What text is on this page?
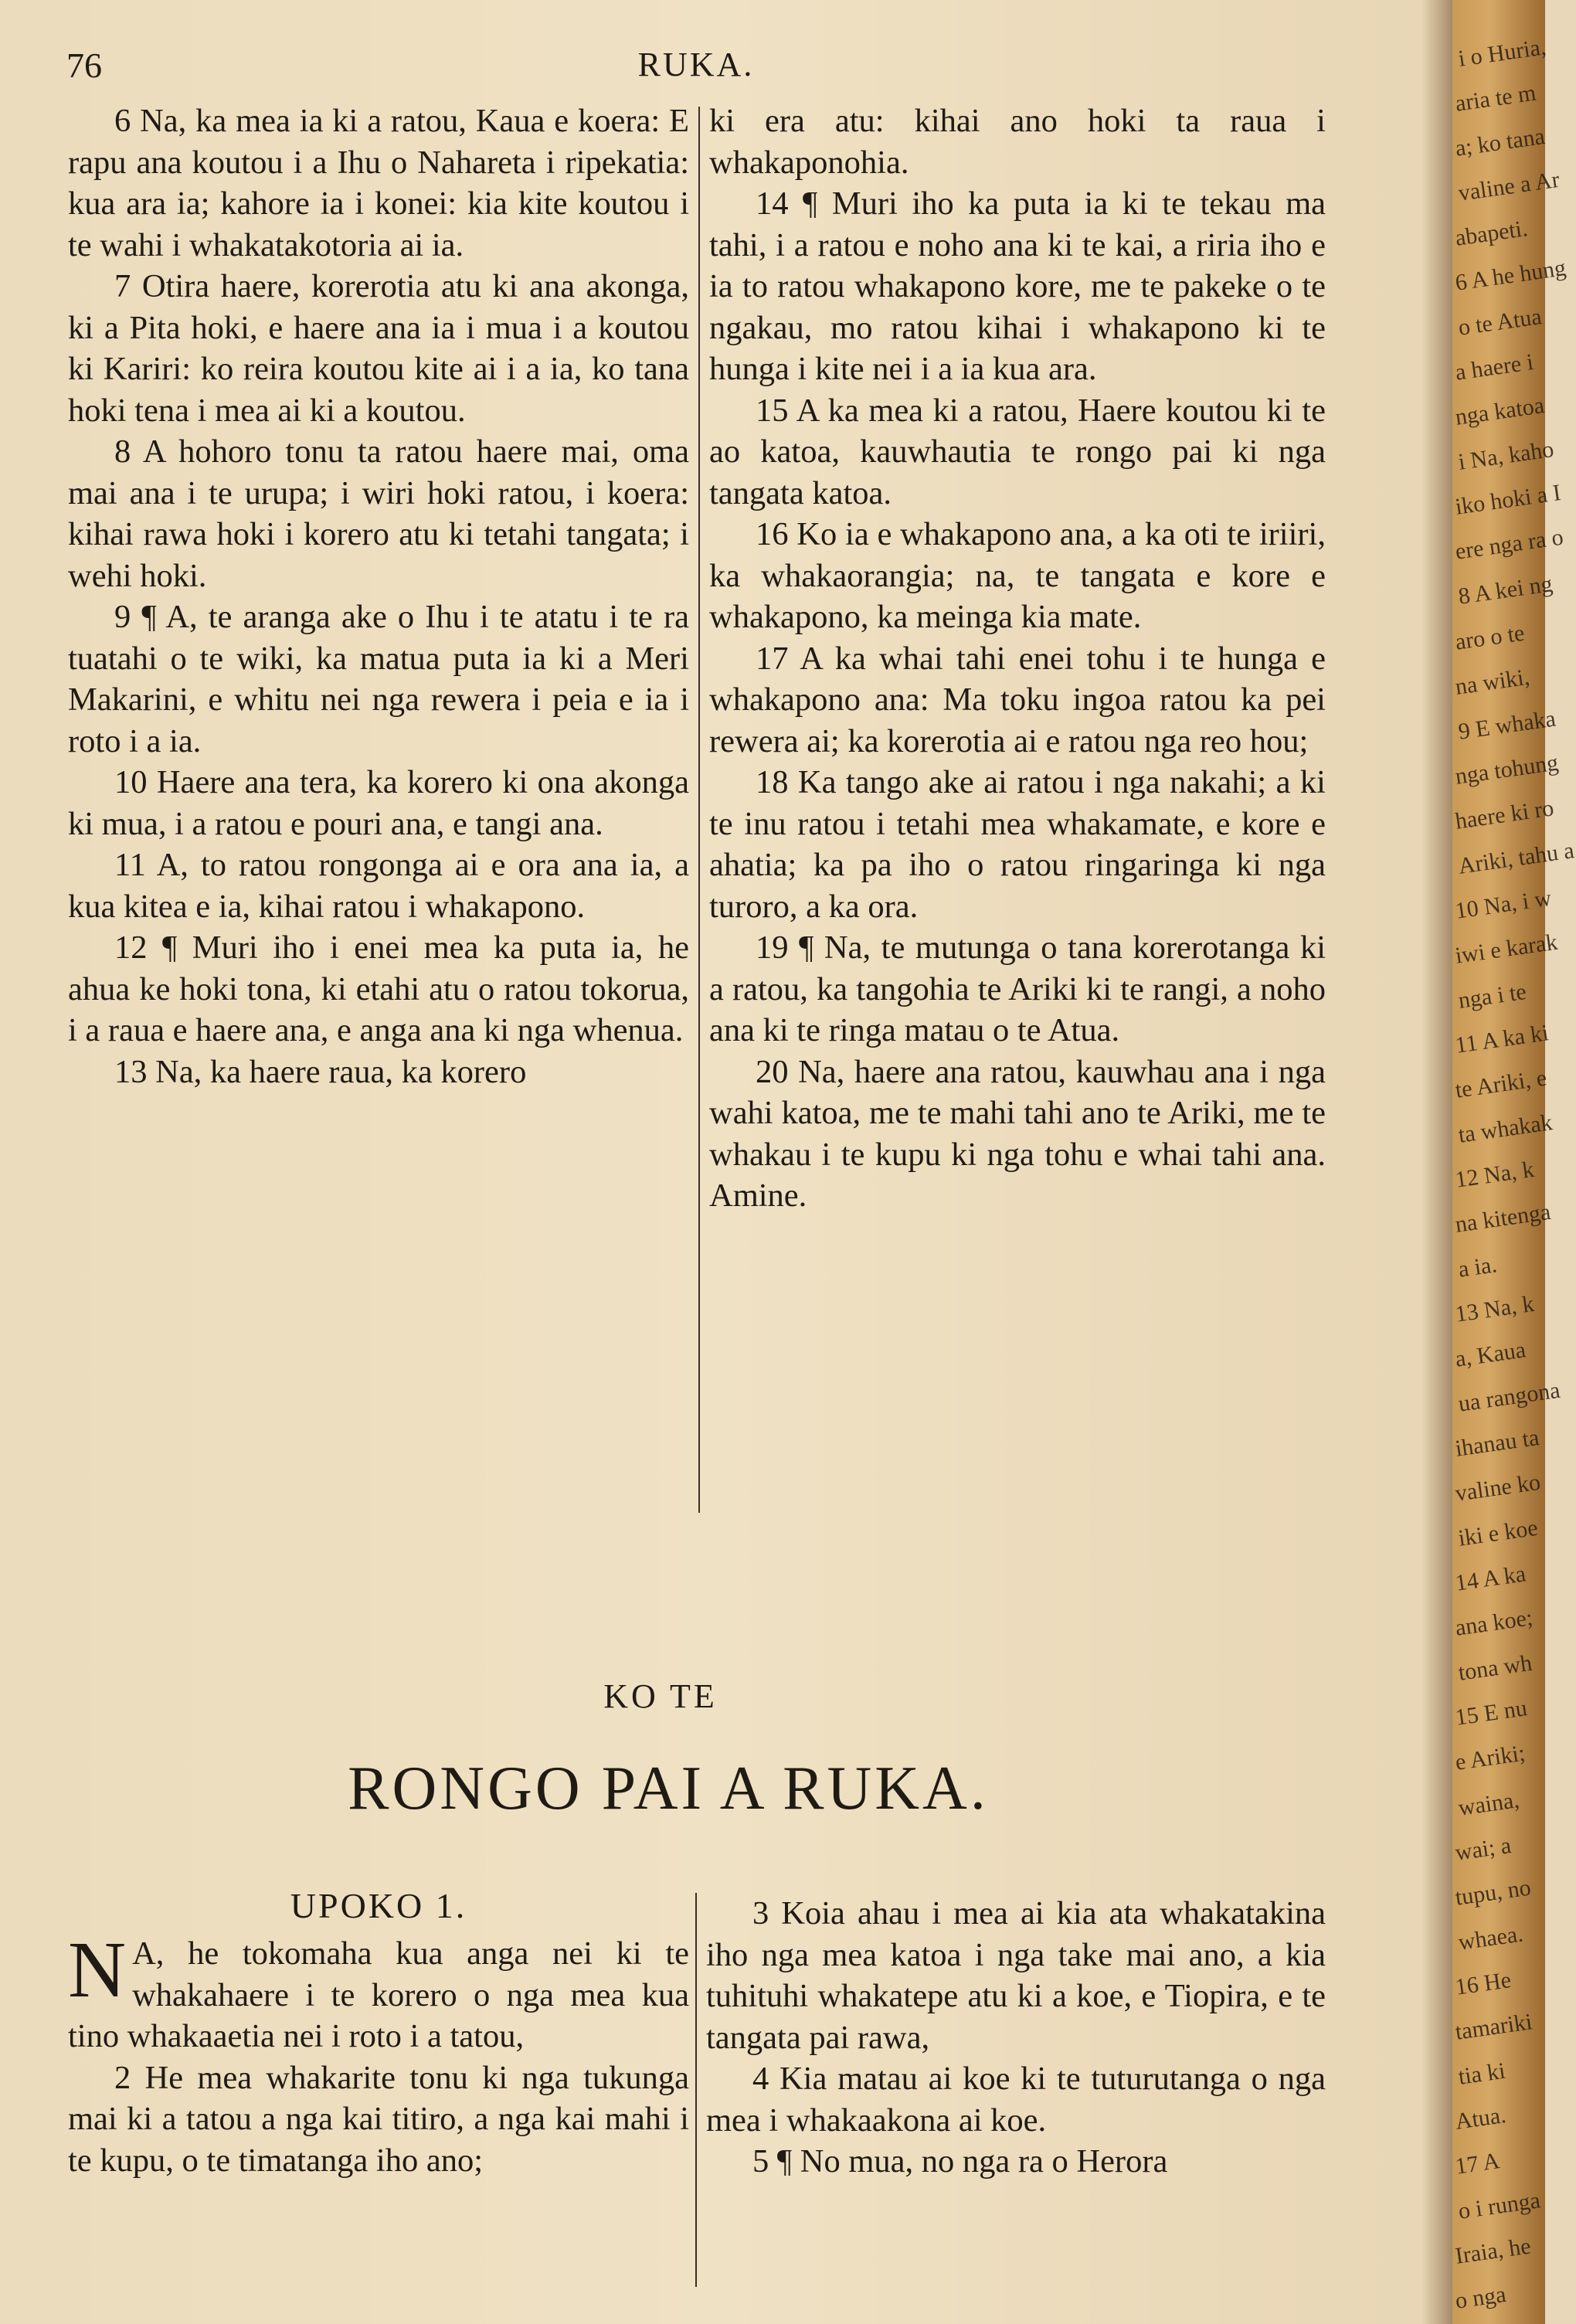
76	RUKA.

6 Na, ka mea ia ki a ratou, Kaua e koera: E rapu ana koutou i a Ihu o Nahareta i ripekatia: kua ara ia; kahore ia i konei: kia kite koutou i te wahi i whakatakotoria ai ia.

7 Otira haere, korerotia atu ki ana akonga, ki a Pita hoki, e haere ana ia i mua i a koutou ki Kariri: ko reira koutou kite ai i a ia, ko tana hoki tena i mea ai ki a koutou.

8 A hohoro tonu ta ratou haere mai, oma mai ana i te urupa; i wiri hoki ratou, i koera: kihai rawa hoki i korero atu ki tetahi tangata; i wehi hoki.

9 ¶ A, te aranga ake o Ihu i te atatu i te ra tuatahi o te wiki, ka matua puta ia ki a Meri Makarini, e whitu nei nga rewera i peia e ia i roto i a ia.

10 Haere ana tera, ka korero ki ona akonga ki mua, i a ratou e pouri ana, e tangi ana.

11 A, to ratou rongonga ai e ora ana ia, a kua kitea e ia, kihai ratou i whakapono.

12 ¶ Muri iho i enei mea ka puta ia, he ahua ke hoki tona, ki etahi atu o ratou tokorua, i a raua e haere ana, e anga ana ki nga whenua.

13 Na, ka haere raua, ka korero

ki era atu: kihai ano hoki ta raua i whakaponohia.

14 ¶ Muri iho ka puta ia ki te tekau ma tahi, i a ratou e noho ana ki te kai, a riria iho e ia to ratou whakapono kore, me te pakeke o te ngakau, mo ratou kihai i whakapono ki te hunga i kite nei i a ia kua ara.

15 A ka mea ki a ratou, Haere koutou ki te ao katoa, kauwhautia te rongo pai ki nga tangata katoa.

16 Ko ia e whakapono ana, a ka oti te iriiri, ka whakaorangia; na, te tangata e kore e whakapono, ka meinga kia mate.

17 A ka whai tahi enei tohu i te hunga e whakapono ana: Ma toku ingoa ratou ka pei rewera ai; ka korerotia ai e ratou nga reo hou;

18 Ka tango ake ai ratou i nga nakahi; a ki te inu ratou i tetahi mea whakamate, e kore e ahatia; ka pa iho o ratou ringaringa ki nga turoro, a ka ora.

19 ¶ Na, te mutunga o tana korerotanga ki a ratou, ka tangohia te Ariki ki te rangi, a noho ana ki te ringa matau o te Atua.

20 Na, haere ana ratou, kauwhau ana i nga wahi katoa, me te mahi tahi ano te Ariki, me te whakau i te kupu ki nga tohu e whai tahi ana. Amine.

KO TE
RONGO PAI A RUKA.
UPOKO 1.

N A, he tokomaha kua anga nei ki te whakahaere i te korero o nga mea kua tino whakaaetia nei i roto i a tatou,

2 He mea whakarite tonu ki nga tukunga mai ki a tatou a nga kai titiro, a nga kai mahi i te kupu, o te timatanga iho ano;

3 Koia ahau i mea ai kia ata whakatakina iho nga mea katoa i nga take mai ano, a kia tuhituhi whakatepe atu ki a koe, e Tiopira, e te tangata pai rawa,

4 Kia matau ai koe ki te tuturutanga o nga mea i whakaakona ai koe.

5 ¶ No mua, no nga ra o Herora

i o Huria,
aria te m
a; ko tana
valine a Ar
abapeti.
6 A he hung
o te Atua
a haere i
nga katoa
i Na, kaho
iko hoki a I
ere nga ra o
8 A kei ng
aro o te
na wiki,
9 E whaka
nga tohung
haere ki ro
Ariki, tahu a
10 Na, i w
iwi e karak
nga i te
11 A ka ki
te Ariki, e
ta whakak
12 Na, k
na kitenga
a ia.
13 Na, k
a, Kaua
ua rangona
ihanau ta
valine ko
iki e koe
14 A ka
ana koe;
tona wh
15 E nu
e Ariki;
waina,
wai; a
tupu, no
whaea.
16 He
tamariki
tia ki
Atua.
17 A
o i runga
Iraia, he
o nga
